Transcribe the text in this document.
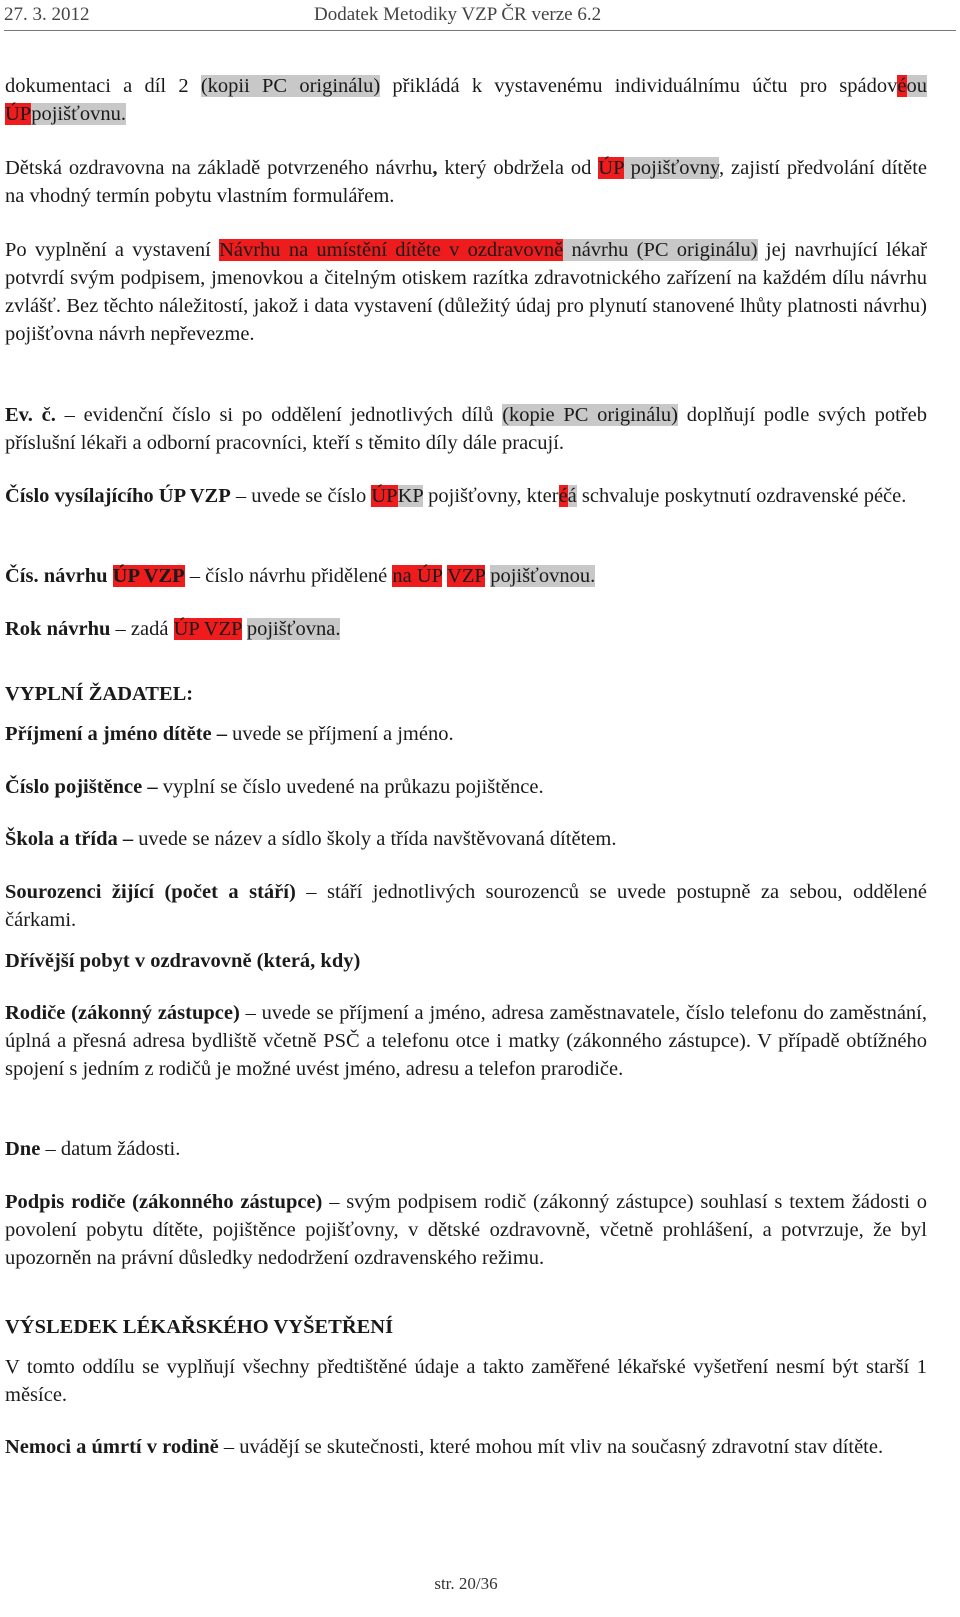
27. 3. 2012	Dodatek Metodiky VZP ČR verze 6.2

dokumentaci a díl 2 (kopii PC originálu) přikládá k vystavenému individuálnímu účtu pro spádovéou ÚPpojišťovnu.

Dětská ozdravovna na základě potvrzeného návrhu, který obdržela od ÚP pojišťovny, zajistí předvolání dítěte na vhodný termín pobytu vlastním formulářem.

Po vyplnění a vystavení Návrhu na umístění dítěte v ozdravovně návrhu (PC originálu) jej navrhující lékař potvrdí svým podpisem, jmenovkou a čitelným otiskem razítka zdravotnického zařízení na každém dílu návrhu zvlášť. Bez těchto náležitostí, jakož i data vystavení (důležitý údaj pro plynutí stanovené lhůty platnosti návrhu) pojišťovna návrh nepřevezme.

Ev. č. – evidenční číslo si po oddělení jednotlivých dílů (kopie PC originálu) doplňují podle svých potřeb příslušní lékaři a odborní pracovníci, kteří s těmito díly dále pracují.

Číslo vysílajícího ÚP VZP – uvede se číslo ÚPKP pojišťovny, kteréá schvaluje poskytnutí ozdravenské péče.

Čís. návrhu ÚP VZP – číslo návrhu přidělené na ÚP VZP pojišťovnou.

Rok návrhu – zadá ÚP VZP pojišťovna.

VYPLNÍ ŽADATEL:

Příjmení a jméno dítěte – uvede se příjmení a jméno.

Číslo pojištěnce – vyplní se číslo uvedené na průkazu pojištěnce.

Škola a třída – uvede se název a sídlo školy a třída navštěvovaná dítětem.

Sourozenci žijící (počet a stáří) – stáří jednotlivých sourozenců se uvede postupně za sebou, oddělené čárkami.

Dřívější pobyt v ozdravovně (která, kdy)

Rodiče (zákonný zástupce) – uvede se příjmení a jméno, adresa zaměstnavatele, číslo telefonu do zaměstnání, úplná a přesná adresa bydliště včetně PSČ a telefonu otce i matky (zákonného zástupce). V případě obtížného spojení s jedním z rodičů je možné uvést jméno, adresu a telefon prarodiče.

Dne – datum žádosti.

Podpis rodiče (zákonného zástupce) – svým podpisem rodič (zákonný zástupce) souhlasí s textem žádosti o povolení pobytu dítěte, pojištěnce pojišťovny, v dětské ozdravovně, včetně prohlášení, a potvrzuje, že byl upozorněn na právní důsledky nedodržení ozdravenského režimu.

VÝSLEDEK LÉKAŘSKÉHO VYŠETŘENÍ

V tomto oddílu se vyplňují všechny předtištěné údaje a takto zaměřené lékařské vyšetření nesmí být starší 1 měsíce.

Nemoci a úmrtí v rodině – uvádějí se skutečnosti, které mohou mít vliv na současný zdravotní stav dítěte.

str. 20/36
